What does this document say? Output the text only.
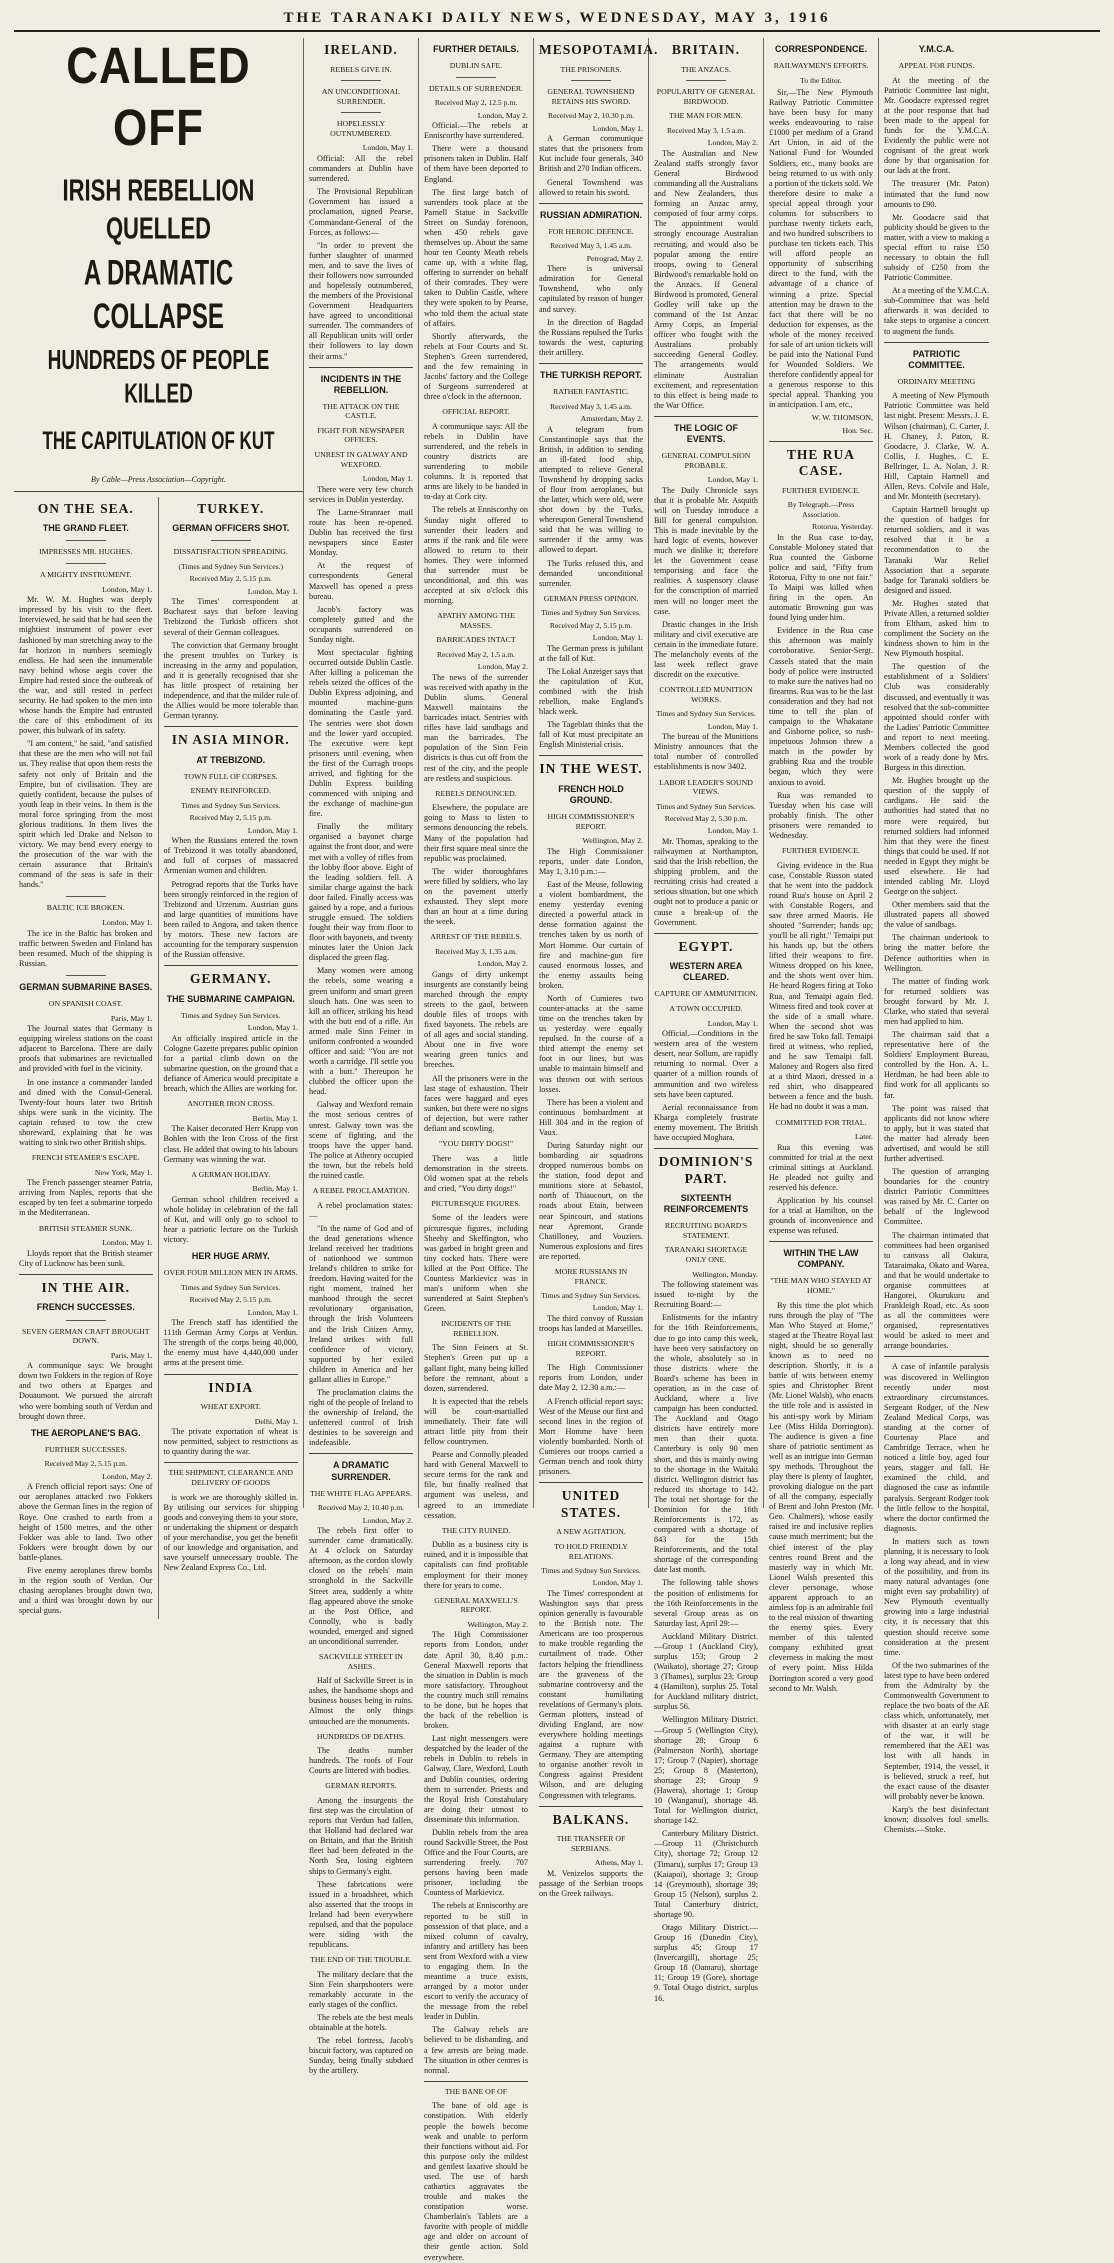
THE TARANAKI DAILY NEWS, WEDNESDAY, MAY 3, 1916
CALLED OFF
IRISH REBELLION QUELLED
A DRAMATIC COLLAPSE
HUNDREDS OF PEOPLE KILLED
THE CAPITULATION OF KUT
By Cable—Press Association—Copyright.
ON THE SEA.
THE GRAND FLEET.
IMPRESSES MR. HUGHES.
A MIGHTY INSTRUMENT.
London, May 1.

Mr. W. M. Hughes was deeply impressed by his visit to the fleet. Interviewed, he said that he had seen the mightiest instrument of power ever fashioned by man stretching away to the far horizon in numbers seemingly endless. He had seen the innumerable navy behind whose aegis cover the Empire had rested since the outbreak of the war, and still rested in perfect security. He had spoken to the men into whose hands the Empire had entrusted the care of this embodiment of its power, this bulwark of its safety.

"I am content," he said, "and satisfied that these are the men who will not fail us. They realise that upon them rests the safety not only of Britain and the Empire, but of civilisation. They are quietly confident, because the pulses of youth leap in their veins. In them is the moral force springing from the most glorious traditions. In them lives the spirit which led Drake and Nelson to victory. We may bend every energy to the prosecution of the war with the certain assurance that Britain's command of the seas is safe in their hands."

BALTIC ICE BROKEN.
London, May 1.

The ice in the Baltic has broken and traffic between Sweden and Finland has been resumed. Much of the shipping is Russian.

GERMAN SUBMARINE BASES.
ON SPANISH COAST.
Paris, May 1.

The Journal states that Germany is equipping wireless stations on the coast adjacent to Barcelona. There are daily proofs that submarines are revictualled and provided with fuel in the vicinity.

In one instance a commander landed and dined with the Consul-General. Twenty-four hours later two British ships were sunk in the vicinity. The captain refused to tow the crew shoreward, explaining that he was waiting to sink two other British ships.

FRENCH STEAMER'S ESCAPE.
New York, May 1.

The French passenger steamer Patria, arriving from Naples, reports that she escaped by ten feet a submarine torpedo in the Mediterranean.

BRITISH STEAMER SUNK.
London, May 1.

Lloyds report that the British steamer City of Lucknow has been sunk.

IN THE AIR.
FRENCH SUCCESSES.
SEVEN GERMAN CRAFT BROUGHT DOWN.
Paris, May 1.

A communique says: We brought down two Fokkers in the region of Roye and two others at Eparges and Douaumont. We pursued the aircraft who were bombing south of Verdun and brought down three.

THE AEROPLANE'S BAG.
FURTHER SUCCESSES.
Received May 2, 5.15 p.m.
London, May 2.

A French official report says: One of our aeroplanes attacked two Fokkers above the German lines in the region of Roye. One crashed to earth from a height of 1500 metres, and the other Fokker was able to land. Two other Fokkers were brought down by our battle-planes.

Five enemy aeroplanes threw bombs in the region south of Verdun. Our chasing aeroplanes brought down two, and a third was brought down by our special guns.

TURKEY.
GERMAN OFFICERS SHOT.
DISSATISFACTION SPREADING.
(Times and Sydney Sun Services.)
Received May 2, 5.15 p.m.
London, May 1.

The Times' correspondent at Bucharest says that before leaving Trebizond the Turkish officers shot several of their German colleagues.

The conviction that Germany brought the present troubles on Turkey is increasing in the army and population, and it is generally recognised that she has little prospect of retaining her independence, and that the milder rule of the Allies would be more tolerable than German tyranny.

IN ASIA MINOR.
AT TREBIZOND.
TOWN FULL OF CORPSES.
ENEMY REINFORCED.
Times and Sydney Sun Services.
Received May 2, 5.15 p.m.
London, May 1.

When the Russians entered the town of Trebizond it was totally abandoned, and full of corpses of massacred Armenian women and children.

Petrograd reports that the Turks have been strongly reinforced in the region of Trebizond and Urzerum. Austrian guns and large quantities of munitions have been railed to Angora, and taken thence by motors. These new factors are accounting for the temporary suspension of the Russian offensive.

GERMANY.
THE SUBMARINE CAMPAIGN.
Times and Sydney Sun Services.
London, May 1.

An officially inspired article in the Cologne Gazette prepares public opinion for a partial climb down on the submarine question, on the ground that a defiance of America would precipitate a breach, which the Allies are working for.

ANOTHER IRON CROSS.
Berlin, May 1.

The Kaiser decorated Herr Krupp von Bohlen with the Iron Cross of the first class. He added that owing to his labours Germany was winning the war.

A GERMAN HOLIDAY.
Berlin, May 1.

German school children received a whole holiday in celebration of the fall of Kut, and will only go to school to hear a patriotic lecture on the Turkish victory.

HER HUGE ARMY.
OVER FOUR MILLION MEN IN ARMS.
Times and Sydney Sun Services.
Received May 2, 5.15 p.m.
London, May 1.

The French staff has identified the 111th German Army Corps at Verdun. The strength of the corps being 40,000, the enemy must have 4,440,000 under arms at the present time.

INDIA
WHEAT EXPORT.
Delhi, May 1.

The private exportation of wheat is now permitted, subject to restrictions as to quantity during the war.

THE SHIPMENT, CLEARANCE AND DELIVERY OF GOODS

is work we are thoroughly skilled in. By utilising our services for shipping goods and conveying them to your store, or undertaking the shipment or despatch of your merchandise, you get the benefit of our knowledge and organisation, and save yourself unnecessary trouble. The New Zealand Express Co., Ltd.

IRELAND.
REBELS GIVE IN.
AN UNCONDITIONAL SURRENDER.
HOPELESSLY OUTNUMBERED.
London, May 1.

Official: All the rebel commanders at Dublin have surrendered.

The Provisional Republican Government has issued a proclamation, signed Pearse, Commandant-General of the Forces, as follows:—

"In order to prevent the further slaughter of unarmed men, and to save the lives of their followers now surrounded and hopelessly outnumbered, the members of the Provisional Government Headquarters have agreed to unconditional surrender. The commanders of all Republican units will order their followers to lay down their arms."

INCIDENTS IN THE REBELLION.
THE ATTACK ON THE CASTLE.
FIGHT FOR NEWSPAPER OFFICES.
UNREST IN GALWAY AND WEXFORD.
London, May 1.

There were very few church services in Dublin yesterday.

The Larne-Stranraer mail route has been re-opened. Dublin has received the first newspapers since Easter Monday.

At the request of correspondents General Maxwell has opened a press bureau.

Jacob's factory was completely gutted and the occupants surrendered on Sunday night.

Most spectacular fighting occurred outside Dublin Castle. After killing a policeman the rebels seized the offices of the Dublin Express adjoining, and mounted machine-guns dominating the Castle yard. The sentries were shot down and the lower yard occupied. The executive were kept prisoners until evening, when the first of the Curragh troops arrived, and fighting for the Dublin Express building commenced with sniping and the exchange of machine-gun fire.

Finally the military organised a bayonet charge against the front door, and were met with a volley of rifles from the lobby floor above. Eight of the leading soldiers fell. A similar charge against the back door failed. Finally access was gained by a rope, and a furious struggle ensued. The soldiers fought their way from floor to floor with bayonets, and twenty minutes later the Union Jack displaced the green flag.

Many women were among the rebels, some wearing a green uniform and smart green slouch hats. One was seen to kill an officer, striking his head with the butt end of a rifle. An armed male Sinn Feiner in uniform confronted a wounded officer and said: "You are not worth a cartridge. I'll settle you with a butt." Thereupon he clubbed the officer upon the head.

Galway and Wexford remain the most serious centres of unrest. Galway town was the scene of fighting, and the troops have the upper hand. The police at Athenry occupied the town, but the rebels hold the ruined castle.

A REBEL PROCLAMATION.

A rebel proclamation states:—

"In the name of God and of the dead generations whence Ireland received her traditions of nationhood we summon Ireland's children to strike for freedom. Having waited for the right moment, trained her manhood through the secret revolutionary organisation, through the Irish Volunteers and the Irish Citizen Army, Ireland strikes with full confidence of victory, supported by her exiled children in America and her gallant allies in Europe."

The proclamation claims the right of the people of Ireland to the ownership of Ireland, the unfettered control of Irish destinies to be sovereign and indefeasible.

A DRAMATIC SURRENDER.
THE WHITE FLAG APPEARS.
Received May 2, 10.40 p.m.
London, May 2.

The rebels first offer to surrender came dramatically. At 4 o'clock on Saturday afternoon, as the cordon slowly closed on the rebels' main stronghold in the Sackville Street area, suddenly a white flag appeared above the smoke at the Post Office, and Connolly, who is badly wounded, emerged and signed an unconditional surrender.

SACKVILLE STREET IN ASHES.

Half of Sackville Street is in ashes, the handsome shops and business houses being in ruins. Almost the only things untouched are the monuments.

HUNDREDS OF DEATHS.

The deaths number hundreds. The roofs of Four Courts are littered with bodies.

GERMAN REPORTS.

Among the insurgents the first step was the circulation of reports that Verdun had fallen, that Holland had declared war on Britain, and that the British fleet had been defeated in the North Sea, losing eighteen ships to Germany's eight.

These fabrications were issued in a broadsheet, which also asserted that the troops in Ireland had been everywhere repulsed, and that the populace were siding with the republicans.

THE END OF THE TROUBLE.

The military declare that the Sinn Fein sharpshooters were remarkably accurate in the early stages of the conflict.

The rebels ate the best meals obtainable at the hotels.

The rebel fortress, Jacob's biscuit factory, was captured on Sunday, being finally subdued by the artillery.

FURTHER DETAILS.
DUBLIN SAFE.
DETAILS OF SURRENDER.
Received May 2, 12.5 p.m.
London, May 2.

Official.—The rebels at Enniscorthy have surrendered.

There were a thousand prisoners taken in Dublin. Half of them have been deported to England.

The first large batch of surrenders took place at the Parnell Statue in Sackville Street on Sunday forenoon, when 450 rebels gave themselves up. About the same hour ten County Meath rebels came up, with a white flag, offering to surrender on behalf of their comrades. They were taken to Dublin Castle, where they were spoken to by Pearse, who told them the actual state of affairs.

Shortly afterwards, the rebels at Four Courts and St. Stephen's Green surrendered, and the few remaining in Jacobs' factory and the College of Surgeons surrendered at three o'clock in the afternoon.

OFFICIAL REPORT.

A communique says: All the rebels in Dublin have surrendered, and the rebels in country districts are surrendering to mobile columns. It is reported that arms are likely to be handed in to-day at Cork city.

The rebels at Enniscorthy on Sunday night offered to surrender their leaders and arms if the rank and file were allowed to return to their homes. They were informed that surrender must be unconditional, and this was accepted at six o'clock this morning.

APATHY AMONG THE MASSES.
BARRICADES INTACT
Received May 2, 1.5 a.m.
London, May 2.

The news of the surrender was received with apathy in the Dublin slums. General Maxwell maintains the barricades intact. Sentries with rifles have laid sandbags and man the barricades. The population of the Sinn Fein districts is thus cut off from the rest of the city, and the people are restless and suspicious.

REBELS DENOUNCED.

Elsewhere, the populace are going to Mass to listen to sermons denouncing the rebels. Many of the population had their first square meal since the republic was proclaimed.

The wider thoroughfares were filled by soldiers, who lay on the pavement utterly exhausted. They slept more than an hour at a time during the week.

ARREST OF THE REBELS.
Received May 3, 1.35 a.m.
London, May 2.

Gangs of dirty unkempt insurgents are constantly being marched through the empty streets to the gaol, between double files of troops with fixed bayonets. The rebels are of all ages and social standing. About one in five wore wearing green tunics and breeches.

All the prisoners were in the last stage of exhaustion. Their faces were haggard and eyes sunken, but there were no signs of dejection, but were rather defiant and scowling.

"YOU DIRTY DOGS!"

There was a little demonstration in the streets. Old women spat at the rebels and cried, "You dirty dogs!"

PICTURESQUE FIGURES.

Some of the leaders were picturesque figures, including Sheehy and Skeffington, who was garbed in bright green and tiny cocked hats. There were killed at the Post Office. The Countess Markievicz was in man's uniform when she surrendered at Saint Stephen's Green.

INCIDENTS OF THE REBELLION.

The Sinn Feiners at St. Stephen's Green put up a gallant fight, many being killed before the remnant, about a dozen, surrendered.

It is expected that the rebels will be court-martialled immediately. Their fate will attract little pity from their fellow countrymen.

Pearse and Connolly pleaded hard with General Maxwell to secure terms for the rank and file, but finally realised that argument was useless, and agreed to an immediate cessation.

THE CITY RUINED.

Dublin as a business city is ruined, and it is impossible that capitalists can find profitable employment for their money there for years to come.

GENERAL MAXWELL'S REPORT.
Wellington, May 2.

The High Commissioner reports from London, under date April 30, 8.40 p.m.: General Maxwell reports that the situation in Dublin is much more satisfactory. Throughout the country much still remains to be done, but he hopes that the back of the rebellion is broken.

Last night messengers were despatched by the leader of the rebels in Dublin to rebels in Galway, Clare, Wexford, Louth and Dublin counties, ordering them to surrender. Priests and the Royal Irish Constabulary are doing their utmost to disseminate this information.

Dublin rebels from the area round Sackville Street, the Post Office and the Four Courts, are surrendering freely. 707 persons having been made prisoner, including the Countess of Markievicz.

The rebels at Enniscorthy are reported to be still in possession of that place, and a mixed column of cavalry, infantry and artillery has been sent from Wexford with a view to engaging them. In the meantime a truce exists, arranged by a motor under escort to verify the accuracy of the message from the rebel leader in Dublin.

The Galway rebels are believed to be disbanding, and a few arrests are being made. The situation in other centres is normal.

THE BANE OF OF

The bane of old age is constipation. With elderly people the bowels become weak and unable to perform their functions without aid. For this purpose only the mildest and gentlest laxative should be used. The use of harsh cathartics aggravates the trouble and makes the constipation worse. Chamberlain's Tablets are a favorite with people of middle age and older on account of their gentle action. Sold everywhere.

MESOPOTAMIA.
THE PRISONERS.
GENERAL TOWNSHEND RETAINS HIS SWORD.
Received May 2, 10.30 p.m.
London, May 1.

A German communique states that the prisoners from Kut include four generals, 340 British and 270 Indian officers.

General Townshend was allowed to retain his sword.

RUSSIAN ADMIRATION.
FOR HEROIC DEFENCE.
Received May 3, 1.45 a.m.
Petrograd, May 2.

There is universal admiration for General Townshend, who only capitulated by reason of hunger and survey.

In the direction of Bagdad the Russians repulsed the Turks towards the west, capturing their artillery.

THE TURKISH REPORT.
RATHER FANTASTIC.
Received May 3, 1.45 a.m.
Amsterdam, May 2.

A telegram from Constantinople says that the British, in addition to sending an ill-fated food ship, attempted to relieve General Townshend by dropping sacks of flour from aeroplanes, but the latter, which were old, were shot down by the Turks, whereupon General Townshend said that he was willing to surrender if the army was allowed to depart.

The Turks refused this, and demanded unconditional surrender.

GERMAN PRESS OPINION.
Times and Sydney Sun Services.
Received May 2, 5.15 p.m.
London, May 1.

The German press is jubilant at the fall of Kut.

The Lokal Anzeiger says that the capitulation of Kut, combined with the Irish rebellion, make England's black week.

The Tageblatt thinks that the fall of Kut must precipitate an English Ministerial crisis.

IN THE WEST.
FRENCH HOLD GROUND.
HIGH COMMISSIONER'S REPORT.
Wellington, May 2.

The High Commissioner reports, under date London, May 1, 3.10 p.m.:—

East of the Meuse, following a violent bombardment, the enemy yesterday evening directed a powerful attack in dense formation against the trenches taken by us north of Mort Homme. Our curtain of fire and machine-gun fire caused enormous losses, and the enemy assaults being broken.

North of Cumieres two counter-attacks at the same time on the trenches taken by us yesterday were equally repulsed. In the course of a third attempt the enemy set foot in our lines, but was unable to maintain himself and was thrown out with serious losses.

There has been a violent and continuous bombardment at Hill 304 and in the region of Vaux.

During Saturday night our bombarding air squadrons dropped numerous bombs on the station, food depot and munitions store at Sebastol, north of Thiaucourt, on the roads about Etain, between near Spincourt, and stations near Apremont, Grande Chatilloney, and Vouziers. Numerous explosions and fires are reported.

MORE RUSSIANS IN FRANCE.
Times and Sydney Sun Services.
London, May 1.

The third convoy of Russian troops has landed at Marseilles.

HIGH COMMISSIONER'S REPORT.

The High Commissioner reports from London, under date May 2, 12.30 a.m.:—

A French official report says: West of the Meuse our first and second lines in the region of Mort Homme have been violently bombarded. North of Cumieres our troops carried a German trench and took thirty prisoners.

UNITED STATES.
A NEW AGITATION.
TO HOLD FRIENDLY RELATIONS.
Times and Sydney Sun Services.
London, May 1.

The Times' correspondent at Washington says that press opinion generally is favourable to the British note. The Americans are too prosperous to make trouble regarding the curtailment of trade. Other factors helping the friendliness are the graveness of the submarine controversy and the constant humiliating revelations of Germany's plots. German plotters, instead of dividing England, are now everywhere holding meetings against a rupture with Germany. They are attempting to organise another revolt in Congress against President Wilson, and are deluging Congressmen with telegrams.

BALKANS.
THE TRANSFER OF SERBIANS.
Athens, May 1.

M. Venizelos supports the passage of the Serbian troops on the Greek railways.

BRITAIN.
THE ANZACS.
POPULARITY OF GENERAL BIRDWOOD.
THE MAN FOR MEN.
Received May 3, 1.5 a.m.
London, May 2.

The Australian and New Zealand staffs strongly favor General Birdwood commanding all the Australians and New Zealanders, thus forming an Anzac army, composed of four army corps. The appointment would strongly encourage Australian recruiting, and would also be popular among the entire troops, owing to General Birdwood's remarkable hold on the Anzacs. If General Birdwood is promoted, General Godley will take up the command of the 1st Anzac Army Corps, an Imperial officer who fought with the Australians probably succeeding General Godley. The arrangements would eliminate Australian excitement, and representation to this effect is being made to the War Office.

THE LOGIC OF EVENTS.
GENERAL COMPULSION PROBABLE.
London, May 1.

The Daily Chronicle says that it is probable Mr. Asquith will on Tuesday introduce a Bill for general compulsion. This is made inevitable by the hard logic of events, however much we dislike it; therefore let the Government cease temporising and face the realities. A suspensory clause for the conscription of married men will no longer meet the case.

Drastic changes in the Irish military and civil executive are certain in the immediate future. The melancholy events of the last week reflect grave discredit on the executive.

CONTROLLED MUNITION WORKS.
Times and Sydney Sun Services.
London, May 1.

The bureau of the Munitions Ministry announces that the total number of controlled establishments is now 3402.

LABOR LEADER'S SOUND VIEWS.
Times and Sydney Sun Services.
Received May 2, 5.30 p.m.
London, May 1.

Mr. Thomas, speaking to the railwaymen at Northampton, said that the Irish rebellion, the shipping problem, and the recruiting crisis had created a serious situation, but one which ought not to produce a panic or cause a break-up of the Government.

EGYPT.
WESTERN AREA CLEARED.
CAPTURE OF AMMUNITION.
A TOWN OCCUPIED.
London, May 1.

Official.—Conditions in the western area of the western desert, near Sollum, are rapidly returning to normal. Over a quarter of a million rounds of ammunition and two wireless sets have been captured.

Aerial reconnaissance from Kharga completely frustrate enemy movement. The British have occupied Moghara.

DOMINION'S PART.
SIXTEENTH REINFORCEMENTS
RECRUITING BOARD'S STATEMENT.
TARANAKI SHORTAGE ONLY ONE.
Wellington, Monday.

The following statement was issued to-night by the Recruiting Board:—

Enlistments for the infantry for the 16th Reinforcements, due to go into camp this week, have been very satisfactory on the whole, absolutely so in those districts where the Board's scheme has been in operation, as in the case of Auckland, where a live campaign has been conducted. The Auckland and Otago districts have entirely more men than their quota. Canterbury is only 90 men short, and this is mainly owing to the shortage in the Waitaki district. Wellington district has reduced its shortage to 142. The total net shortage for the Dominion for the 16th Reinforcements is 172, as compared with a shortage of 843 for the 15th Reinforcements, and the total shortage of the corresponding date last month.

The following table shows the position of enlistments for the 16th Reinforcements in the several Group areas as on Saturday last, April 29:—

Auckland Military District.—Group 1 (Auckland City), surplus 153; Group 2 (Waikato), shortage 27; Group 3 (Thames), surplus 23; Group 4 (Hamilton), surplus 25. Total for Auckland military district, surplus 56.

Wellington Military District.—Group 5 (Wellington City), shortage 28; Group 6 (Palmerston North), shortage 17; Group 7 (Napier), shortage 25; Group 8 (Masterton), shortage 23; Group 9 (Hawera), shortage 1; Group 10 (Wanganui), shortage 48. Total for Wellington district, shortage 142.

Canterbury Military District.—Group 11 (Christchurch City), shortage 72; Group 12 (Timaru), surplus 17; Group 13 (Kaiapoi), shortage 3; Group 14 (Greymouth), shortage 39; Group 15 (Nelson), surplus 2. Total Canterbury district, shortage 90.

Otago Military District.—Group 16 (Dunedin City), surplus 45; Group 17 (Invercargill), shortage 25; Group 18 (Oamaru), shortage 11; Group 19 (Gore), shortage 9. Total Otago district, surplus 16.

CORRESPONDENCE.
RAILWAYMEN'S EFFORTS.
To the Editor.

Sir,—The New Plymouth Railway Patriotic Committee have been busy for many weeks endeavouring to raise £1000 per medium of a Grand Art Union, in aid of the National Fund for Wounded Soldiers, etc., many books are being returned to us with only a portion of the tickets sold. We therefore desire to make a special appeal through your columns for subscribers to purchase twenty tickets each, and two hundred subscribers to purchase ten tickets each. This will afford people an opportunity of subscribing direct to the fund, with the advantage of a chance of winning a prize. Special attention may be drawn to the fact that there will be no deduction for expenses, as the whole of the money received for sale of art union tickets will be paid into the National Fund for Wounded Soldiers. We therefore confidently appeal for a generous response to this special appeal. Thanking you in anticipation. I am, etc.,

W. W. THOMSON,
Hon. Sec.
THE RUA CASE.
FURTHER EVIDENCE.
By Telegraph.—Press Association.
Rotorua, Yesterday.

In the Rua case to-day, Constable Moloney stated that Rua counted the Gisborne police and said, "Fifty from Rotorua, Fifty to one not fair." To Maipi was killed when firing in the open. An automatic Browning gun was found lying under him.

Evidence in the Rua case this afternoon was mainly corroborative. Senior-Sergt. Cassels stated that the main body of police were instructed to make sure the natives had no firearms. Rua was to be the last consideration and they had not time to tell the plan of campaign to the Whakatane and Gisborne police, so rush-impetuous Johnson threw a match in the powder by grabbing Rua and the trouble began, which they were anxious to avoid.

Rua was remanded to Tuesday when his case will probably finish. The other prisoners were remanded to Wednesday.

FURTHER EVIDENCE.

Giving evidence in the Rua case, Constable Russon stated that he went into the paddock round Rua's house on April 2 with Constable Rogers, and saw three armed Maoris. He shouted "Surrender; hands up; you'll be all right." Temaipi put his hands up, but the others lifted their weapons to fire. Witness dropped on his knee, and the shots went over him. He heard Rogers firing at Toko Rua, and Temaipi again fled. Witness fired and took cover at the side of a small whare. When the second shot was fired he saw Toko fall. Temaipi fired at witness, who replied, and he saw Temaipi fall. Maloney and Rogers also fired at a third Maori, dressed in a red shirt, who disappeared between a fence and the bush. He had no doubt it was a man.

COMMITTED FOR TRIAL.
Later.

Rua this evening was committed for trial at the next criminal sittings at Auckland. He pleaded not guilty and reserved his defence.

Application by his counsel for a trial at Hamilton, on the grounds of inconvenience and expense was refused.

WITHIN THE LAW COMPANY.
"THE MAN WHO STAYED AT HOME."

By this time the plot which runs through the play of "The Man Who Stayed at Home," staged at the Theatre Royal last night, should be so generally known as to need no description. Shortly, it is a battle of wits between enemy spies and Christopher Brent (Mr. Lionel Walsh), who enacts the title role and is assisted in his anti-spy work by Miriam Lee (Miss Hilda Dorrington). The audience is given a fine share of patriotic sentiment as well as an intrigue into German spy methods. Throughout the play there is plenty of laughter, provoking dialogue on the part of all the company, especially of Brent and John Preston (Mr. Geo. Chalmers), whose easily raised ire and inclusive replies cause much merriment; but the chief interest of the play centres round Brent and the masterly way in which Mr. Lionel Walsh presented this clever personage, whose apparent approach to an aimless fop is an admirable foil to the real mission of thwarting the enemy spies. Every member of this talented company exhibited great cleverness in making the most of every point. Miss Hilda Dorrington scored a very good second to Mr. Walsh.

Y.M.C.A.
APPEAL FOR FUNDS.

At the meeting of the Patriotic Committee last night, Mr. Goodacre expressed regret at the poor response that had been made to the appeal for funds for the Y.M.C.A. Evidently the public were not cognisant of the great work done by that organisation for our lads at the front.

The treasurer (Mr. Paton) intimated that the fund now amounts to £90.

Mr. Goodacre said that publicity should be given to the matter, with a view to making a special effort to raise £50 necessary to obtain the full subsidy of £250 from the Patriotic Committee.

At a meeting of the Y.M.C.A. sub-Committee that was held afterwards it was decided to take steps to organise a concert to augment the funds.

PATRIOTIC COMMITTEE.
ORDINARY MEETING

A meeting of New Plymouth Patriotic Committee was held last night. Present: Messrs. J. E. Wilson (chairman), C. Carter, J. H. Chaney, J. Paton, R. Goodacre, J. Clarke, W. A. Collis, J. Hughes, C. E. Bellringer, L. A. Nolan, J. R. Hill, Captain Hartnell and Allen, Revs. Colvile and Hale, and Mr. Monteith (secretary).

Captain Hartnell brought up the question of badges for returned soldiers, and it was resolved that it be a recommendation to the Taranaki War Relief Association that a separate badge for Taranaki soldiers be designed and issued.

Mr. Hughes stated that Private Allen, a returned soldier from Eltham, asked him to compliment the Society on the kindness shown to him in the New Plymouth hospital.

The question of the establishment of a Soldiers' Club was considerably discussed, and eventually it was resolved that the sub-committee appointed should confer with the Ladies' Patriotic Committee and report to next meeting. Members collected the good work of a ready done by Mrs. Burgess in this direction.

Mr. Hughes brought up the question of the supply of cardigans. He said the authorities had stated that no more were required, but returned soldiers had informed him that they were the finest things that could be used. If not needed in Egypt they might be used elsewhere. He had intended cabling Mr. Lloyd George on the subject.

Other members said that the illustrated papers all showed the value of sandbags.

The chairman undertook to bring the matter before the Defence authorities when in Wellington.

The matter of finding work for returned soldiers was brought forward by Mr. J. Clarke, who stated that several men had applied to him.

The chairman said that a representative here of the Soldiers' Employment Bureau, controlled by the Hon. A. L. Herdman, he had been able to find work for all applicants so far.

The point was raised that applicants did not know where to apply, but it was stated that the matter had already been advertised, and would be still further advertised.

The question of arranging boundaries for the country district Patriotic Committees was raised by Mr. C. Carter on behalf of the Inglewood Committee.

The chairman intimated that committees had been organised to canvass all Oakura, Tataraimaka, Okato and Warea, and that he would undertake to organise committees at Hangorei, Okurukuru and Frankleigh Road, etc. As soon as all the committees were organised, representatives would be asked to meet and arrange boundaries.

A case of infantile paralysis was discovered in Wellington recently under most extraordinary circumstances. Sergeant Rodger, of the New Zealand Medical Corps, was standing at the corner of Courtenay Place and Cambridge Terrace, when he noticed a little boy, aged four years, stagger and fall. He examined the child, and diagnosed the case as infantile paralysis. Sergeant Rodger took the little fellow to the hospital, where the doctor confirmed the diagnosis.

In matters such as town planning, it is necessary to look a long way ahead, and in view of the possibility, and from its many natural advantages (one might even say probability) of New Plymouth eventually growing into a large industrial city, it is necessary that this question should receive some consideration at the present time.

Of the two submarines of the latest type to have been ordered from the Admiralty by the Commonwealth Government to replace the two boats of the AE class which, unfortunately, met with disaster at an early stage of the war, it will be remembered that the AE1 was lost with all hands in September, 1914, the vessel, it is believed, struck a reef, but the exact cause of the disaster will probably never be known.

Karp's the best disinfectant known; dissolves foul smells. Chemists.—Stoke.
